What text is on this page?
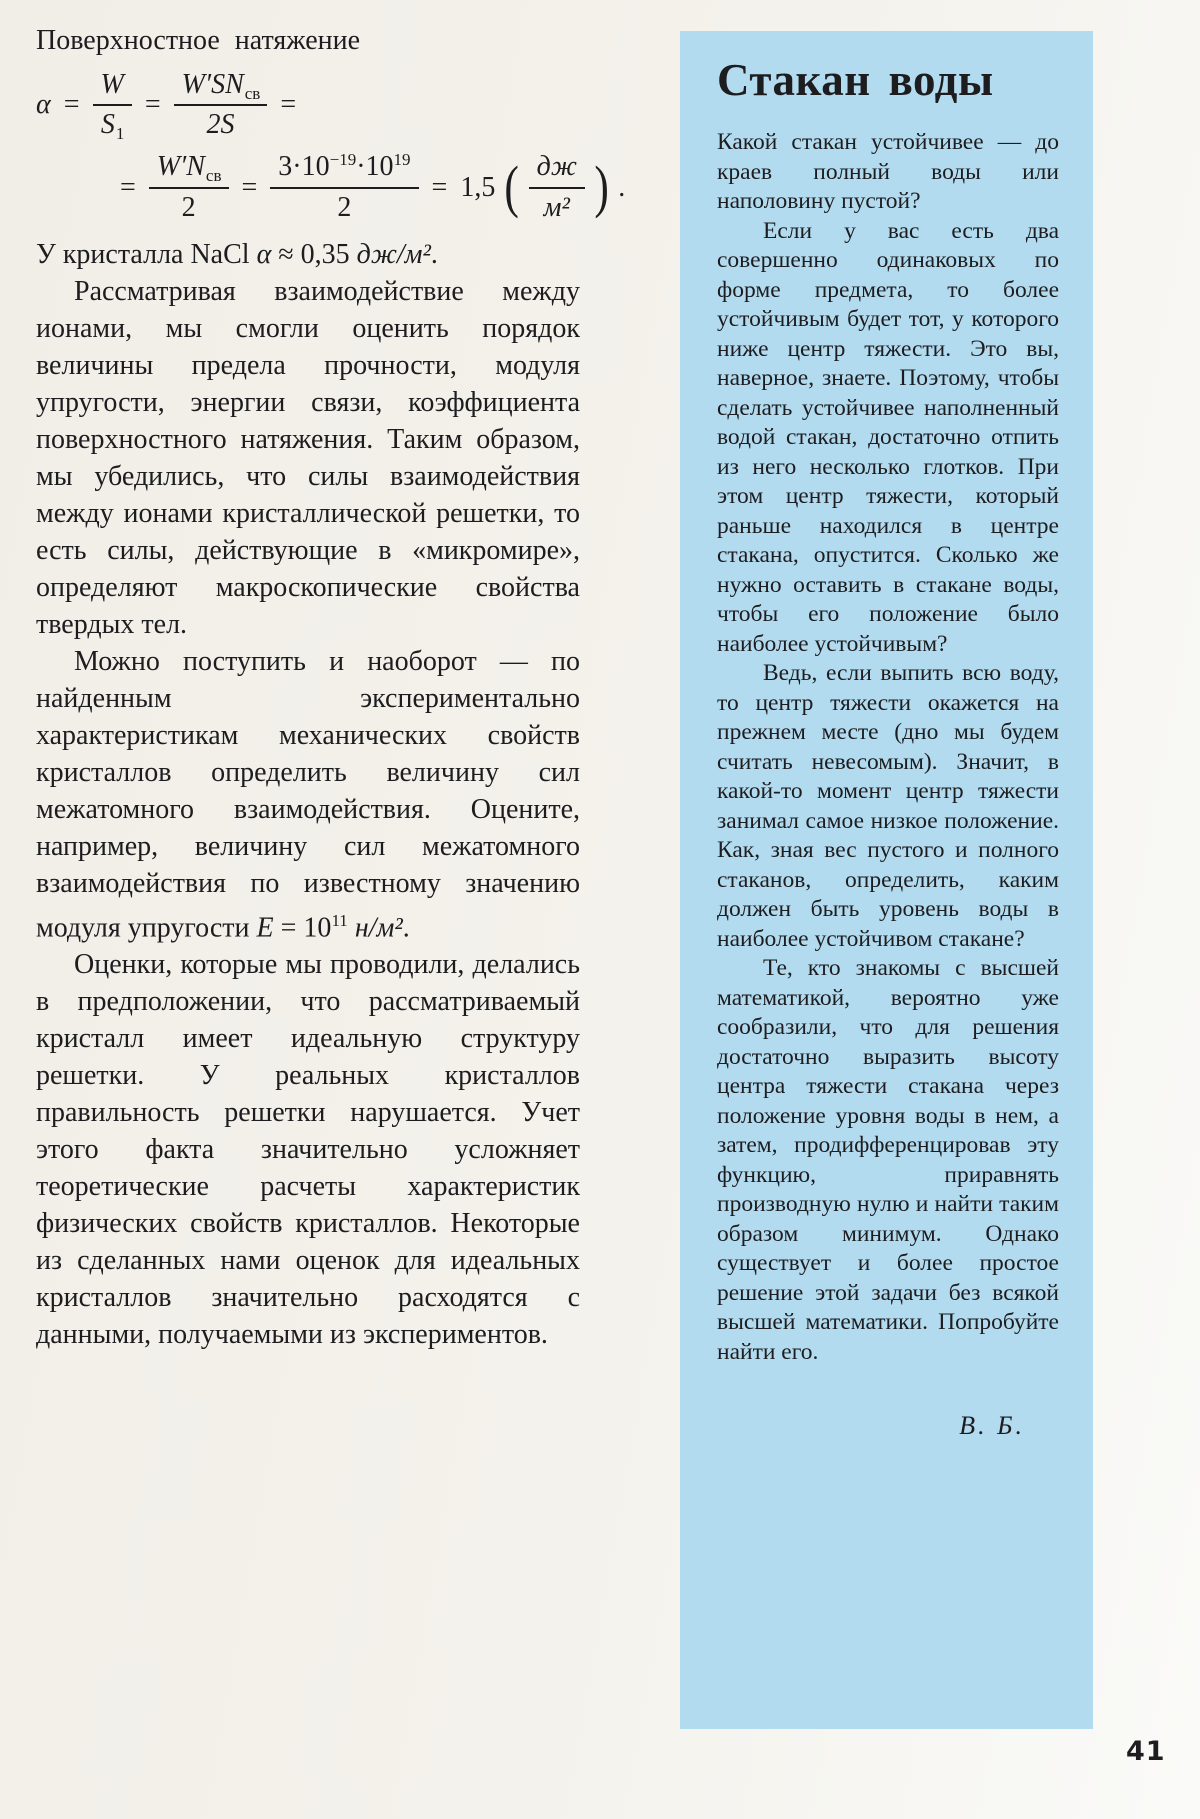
Поверхностное натяжение

$\alpha = \frac{W}{S_1} = \frac{W'SN_{св}}{2S}$ =
= $\frac{W'N_{св}}{2} = \frac{3\cdot 10^{-19}\cdot 10^{19}}{2} = 1,5$ ( $\frac{дж}{\text{м²}}$ ) .

У кристалла NaCl α ≈ 0,35 дж/м².

Рассматривая взаимодействие между ионами, мы смогли оценить порядок величины предела прочности, модуля упругости, энергии связи, коэффициента поверхностного натяжения. Таким образом, мы убедились, что силы взаимодействия между ионами кристаллической решетки, то есть силы, действующие в «микромире», определяют макроскопические свойства твердых тел.

Можно поступить и наоборот — по найденным экспериментально характеристикам механических свойств кристаллов определить величину сил межатомного взаимодействия. Оцените, например, величину сил межатомного взаимодействия по известному значению модуля упругости $E = 10^{11}$ н/м².

Оценки, которые мы проводили, делались в предположении, что рассматриваемый кристалл имеет идеальную структуру решетки. У реальных кристаллов правильность решетки нарушается. Учет этого факта значительно усложняет теоретические расчеты характеристик физических свойств кристаллов. Некоторые из сделанных нами оценок для идеальных кристаллов значительно расходятся с данными, получаемыми из экспериментов.

Стакан воды

Какой стакан устойчивее — до краев полный воды или наполовину пустой?

Если у вас есть два совершенно одинаковых по форме предмета, то более устойчивым будет тот, у которого ниже центр тяжести. Это вы, наверное, знаете. Поэтому, чтобы сделать устойчивее наполненный водой стакан, достаточно отпить из него несколько глотков. При этом центр тяжести, который раньше находился в центре стакана, опустится. Сколько же нужно оставить в стакане воды, чтобы его положение было наиболее устойчивым?

Ведь, если выпить всю воду, то центр тяжести окажется на прежнем месте (дно мы будем считать невесомым). Значит, в какой-то момент центр тяжести занимал самое низкое положение. Как, зная вес пустого и полного стаканов, определить, каким должен быть уровень воды в наиболее устойчивом стакане?

Те, кто знакомы с высшей математикой, вероятно уже сообразили, что для решения достаточно выразить высоту центра тяжести стакана через положение уровня воды в нем, а затем, продифференцировав эту функцию, приравнять производную нулю и найти таким образом минимум. Однако существует и более простое решение этой задачи без всякой высшей математики. Попробуйте найти его.

В. Б.
41
